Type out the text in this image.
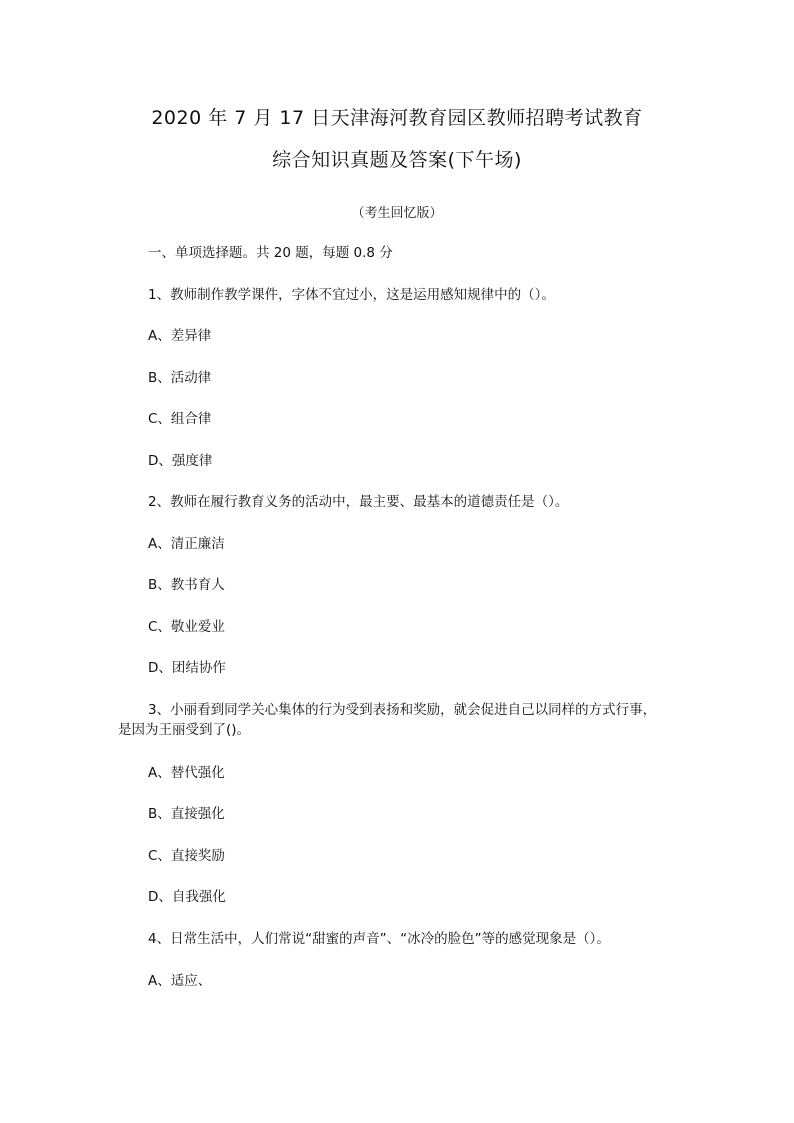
2020 年 7 月 17 日天津海河教育园区教师招聘考试教育
综合知识真题及答案(下午场)
（考生回忆版）
一、单项选择题。共 20 题，每题 0.8 分
1、教师制作教学课件，字体不宜过小，这是运用感知规律中的（）。
A、差异律
B、活动律
C、组合律
D、强度律
2、教师在履行教育义务的活动中，最主要、最基本的道德责任是（）。
A、清正廉洁
B、教书育人
C、敬业爱业
D、团结协作
3、小丽看到同学关心集体的行为受到表扬和奖励，就会促进自己以同样的方式行事，
是因为王丽受到了()。
A、替代强化
B、直接强化
C、直接奖励
D、自我强化
4、日常生活中，人们常说“甜蜜的声音”、“冰冷的脸色”等的感觉现象是（）。
A、适应、
